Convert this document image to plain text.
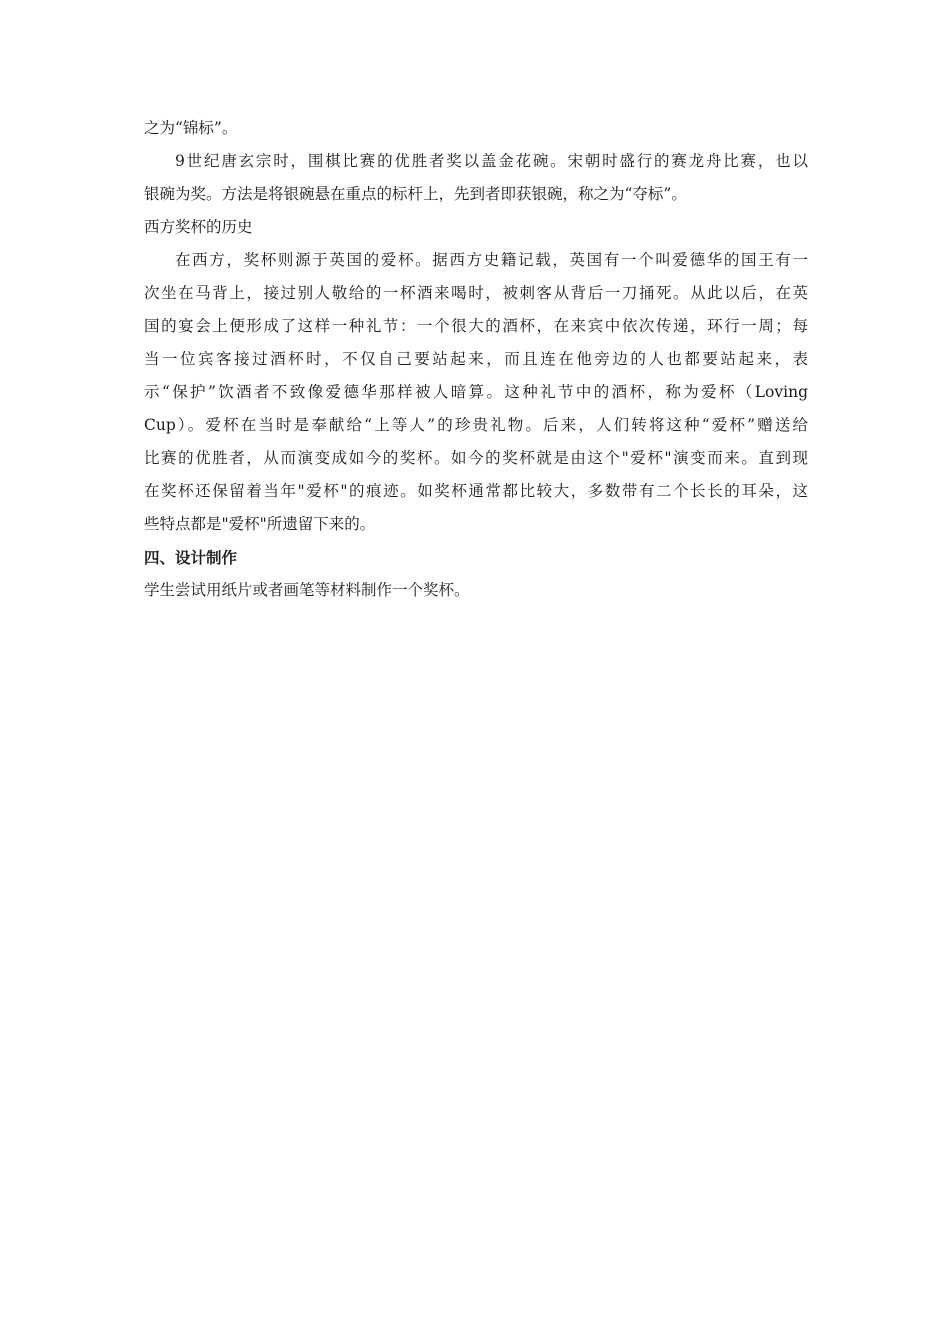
之为“锦标”。
9世纪唐玄宗时，围棋比赛的优胜者奖以盖金花碗。宋朝时盛行的赛龙舟比赛，也以
银碗为奖。方法是将银碗悬在重点的标杆上，先到者即获银碗，称之为“夺标”。
西方奖杯的历史
在西方，奖杯则源于英国的爱杯。据西方史籍记载，英国有一个叫爱德华的国王有一
次坐在马背上，接过别人敬给的一杯酒来喝时，被刺客从背后一刀捅死。从此以后，在英
国的宴会上便形成了这样一种礼节：一个很大的酒杯，在来宾中依次传递，环行一周；每
当一位宾客接过酒杯时，不仅自己要站起来，而且连在他旁边的人也都要站起来，表
示“保护”饮酒者不致像爱德华那样被人暗算。这种礼节中的酒杯，称为爱杯（Loving
Cup）。爱杯在当时是奉献给“上等人”的珍贵礼物。后来，人们转将这种“爱杯”赠送给
比赛的优胜者，从而演变成如今的奖杯。如今的奖杯就是由这个"爱杯"演变而来。直到现
在奖杯还保留着当年"爱杯"的痕迹。如奖杯通常都比较大，多数带有二个长长的耳朵，这
些特点都是"爱杯"所遗留下来的。
四、设计制作
学生尝试用纸片或者画笔等材料制作一个奖杯。
